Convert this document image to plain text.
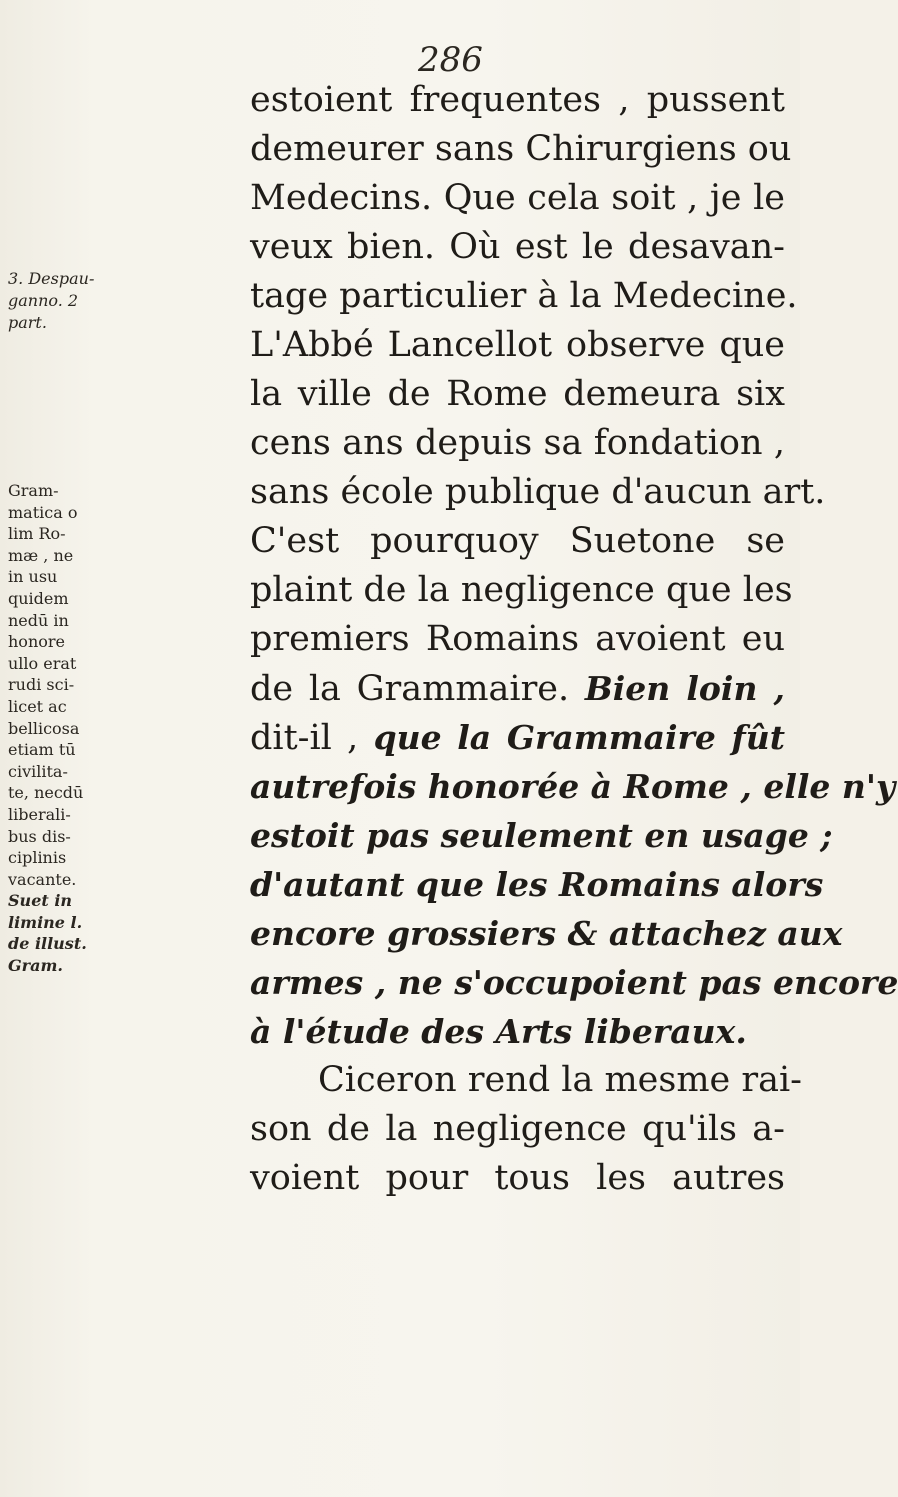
286
3. Despau-
ganno. 2
part.
Gram-
matica o
lim Ro-
mæ , ne
in usu
quidem
nedū in
honore
ullo erat
rudi sci-
licet ac
bellicosa
etiam tū
civilita-
te, necdū
liberali-
bus dis-
ciplinis
vacante.
Suet in
limine l.
de illust.
Gram.
estoient frequentes , pussent
demeurer sans Chirurgiens ou
Medecins. Que cela soit , je le
veux bien. Où est le desavan-
tage particulier à la Medecine.
L'Abbé Lancellot observe que
la ville de Rome demeura six
cens ans depuis sa fondation ,
sans école publique d'aucun art.
C'est pourquoy Suetone se
plaint de la negligence que les
premiers Romains avoient eu
de la Grammaire. Bien loin ,
dit-il , que la Grammaire fût
autrefois honorée à Rome , elle n'y
estoit pas seulement en usage ;
d'autant que les Romains alors
encore grossiers & attachez aux
armes , ne s'occupoient pas encore
à l'étude des Arts liberaux.
Ciceron rend la mesme rai-
son de la negligence qu'ils a-
voient pour tous les autres
